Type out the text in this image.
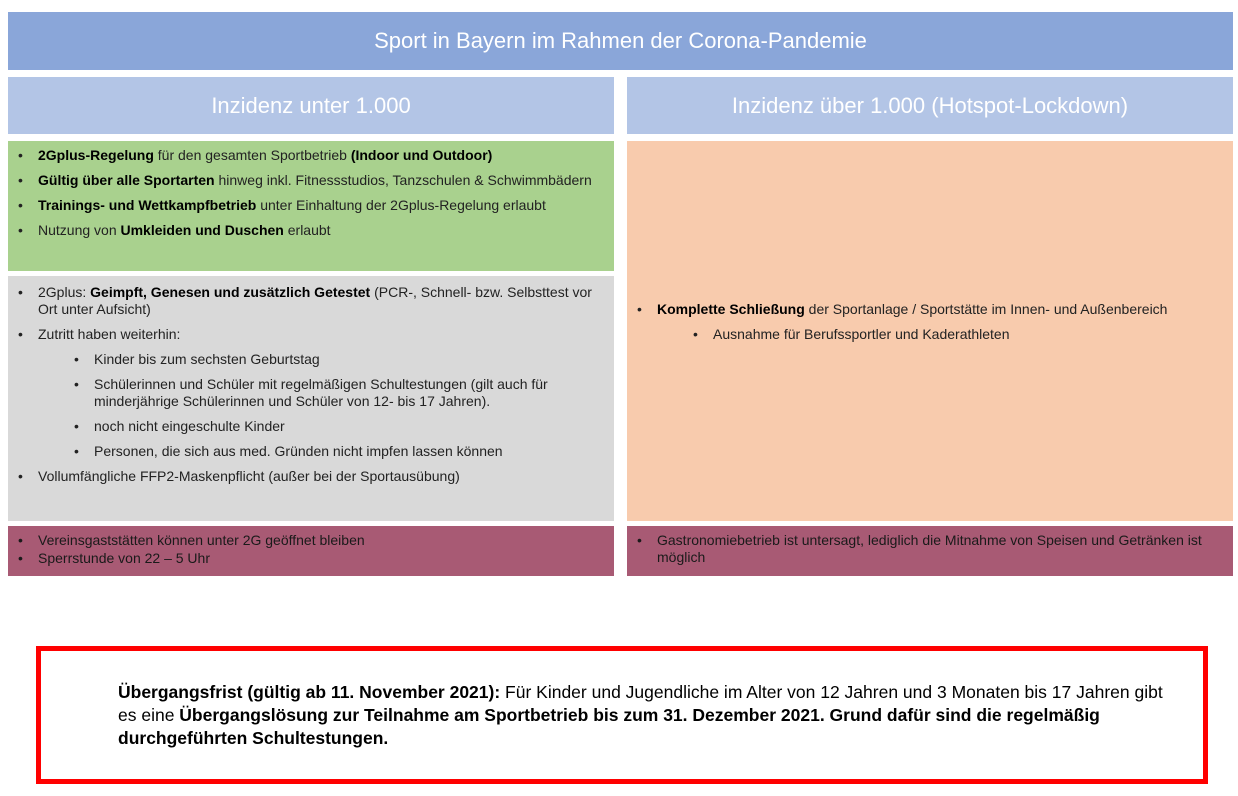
Sport in Bayern im Rahmen der Corona-Pandemie
Inzidenz unter 1.000	Inzidenz über 1.000 (Hotspot-Lockdown)
• 2Gplus-Regelung für den gesamten Sportbetrieb (Indoor und Outdoor)
• Gültig über alle Sportarten hinweg inkl. Fitnessstudios, Tanzschulen & Schwimmbädern
• Trainings- und Wettkampfbetrieb unter Einhaltung der 2Gplus-Regelung erlaubt
• Nutzung von Umkleiden und Duschen erlaubt
• 2Gplus: Geimpft, Genesen und zusätzlich Getestet (PCR-, Schnell- bzw. Selbsttest vor Ort unter Aufsicht)
• Zutritt haben weiterhin:
• Kinder bis zum sechsten Geburtstag
• Schülerinnen und Schüler mit regelmäßigen Schultestungen (gilt auch für minderjährige Schülerinnen und Schüler von 12- bis 17 Jahren).
• noch nicht eingeschulte Kinder
• Personen, die sich aus med. Gründen nicht impfen lassen können
• Vollumfängliche FFP2-Maskenpflicht (außer bei der Sportausübung)
• Komplette Schließung der Sportanlage / Sportstätte im Innen- und Außenbereich
• Ausnahme für Berufssportler und Kaderathleten
• Vereinsgaststätten können unter 2G geöffnet bleiben
• Sperrstunde von 22 – 5 Uhr
• Gastronomiebetrieb ist untersagt, lediglich die Mitnahme von Speisen und Getränken ist möglich
Übergangsfrist (gültig ab 11. November 2021): Für Kinder und Jugendliche im Alter von 12 Jahren und 3 Monaten bis 17 Jahren gibt es eine Übergangslösung zur Teilnahme am Sportbetrieb bis zum 31. Dezember 2021. Grund dafür sind die regelmäßig durchgeführten Schultestungen.
